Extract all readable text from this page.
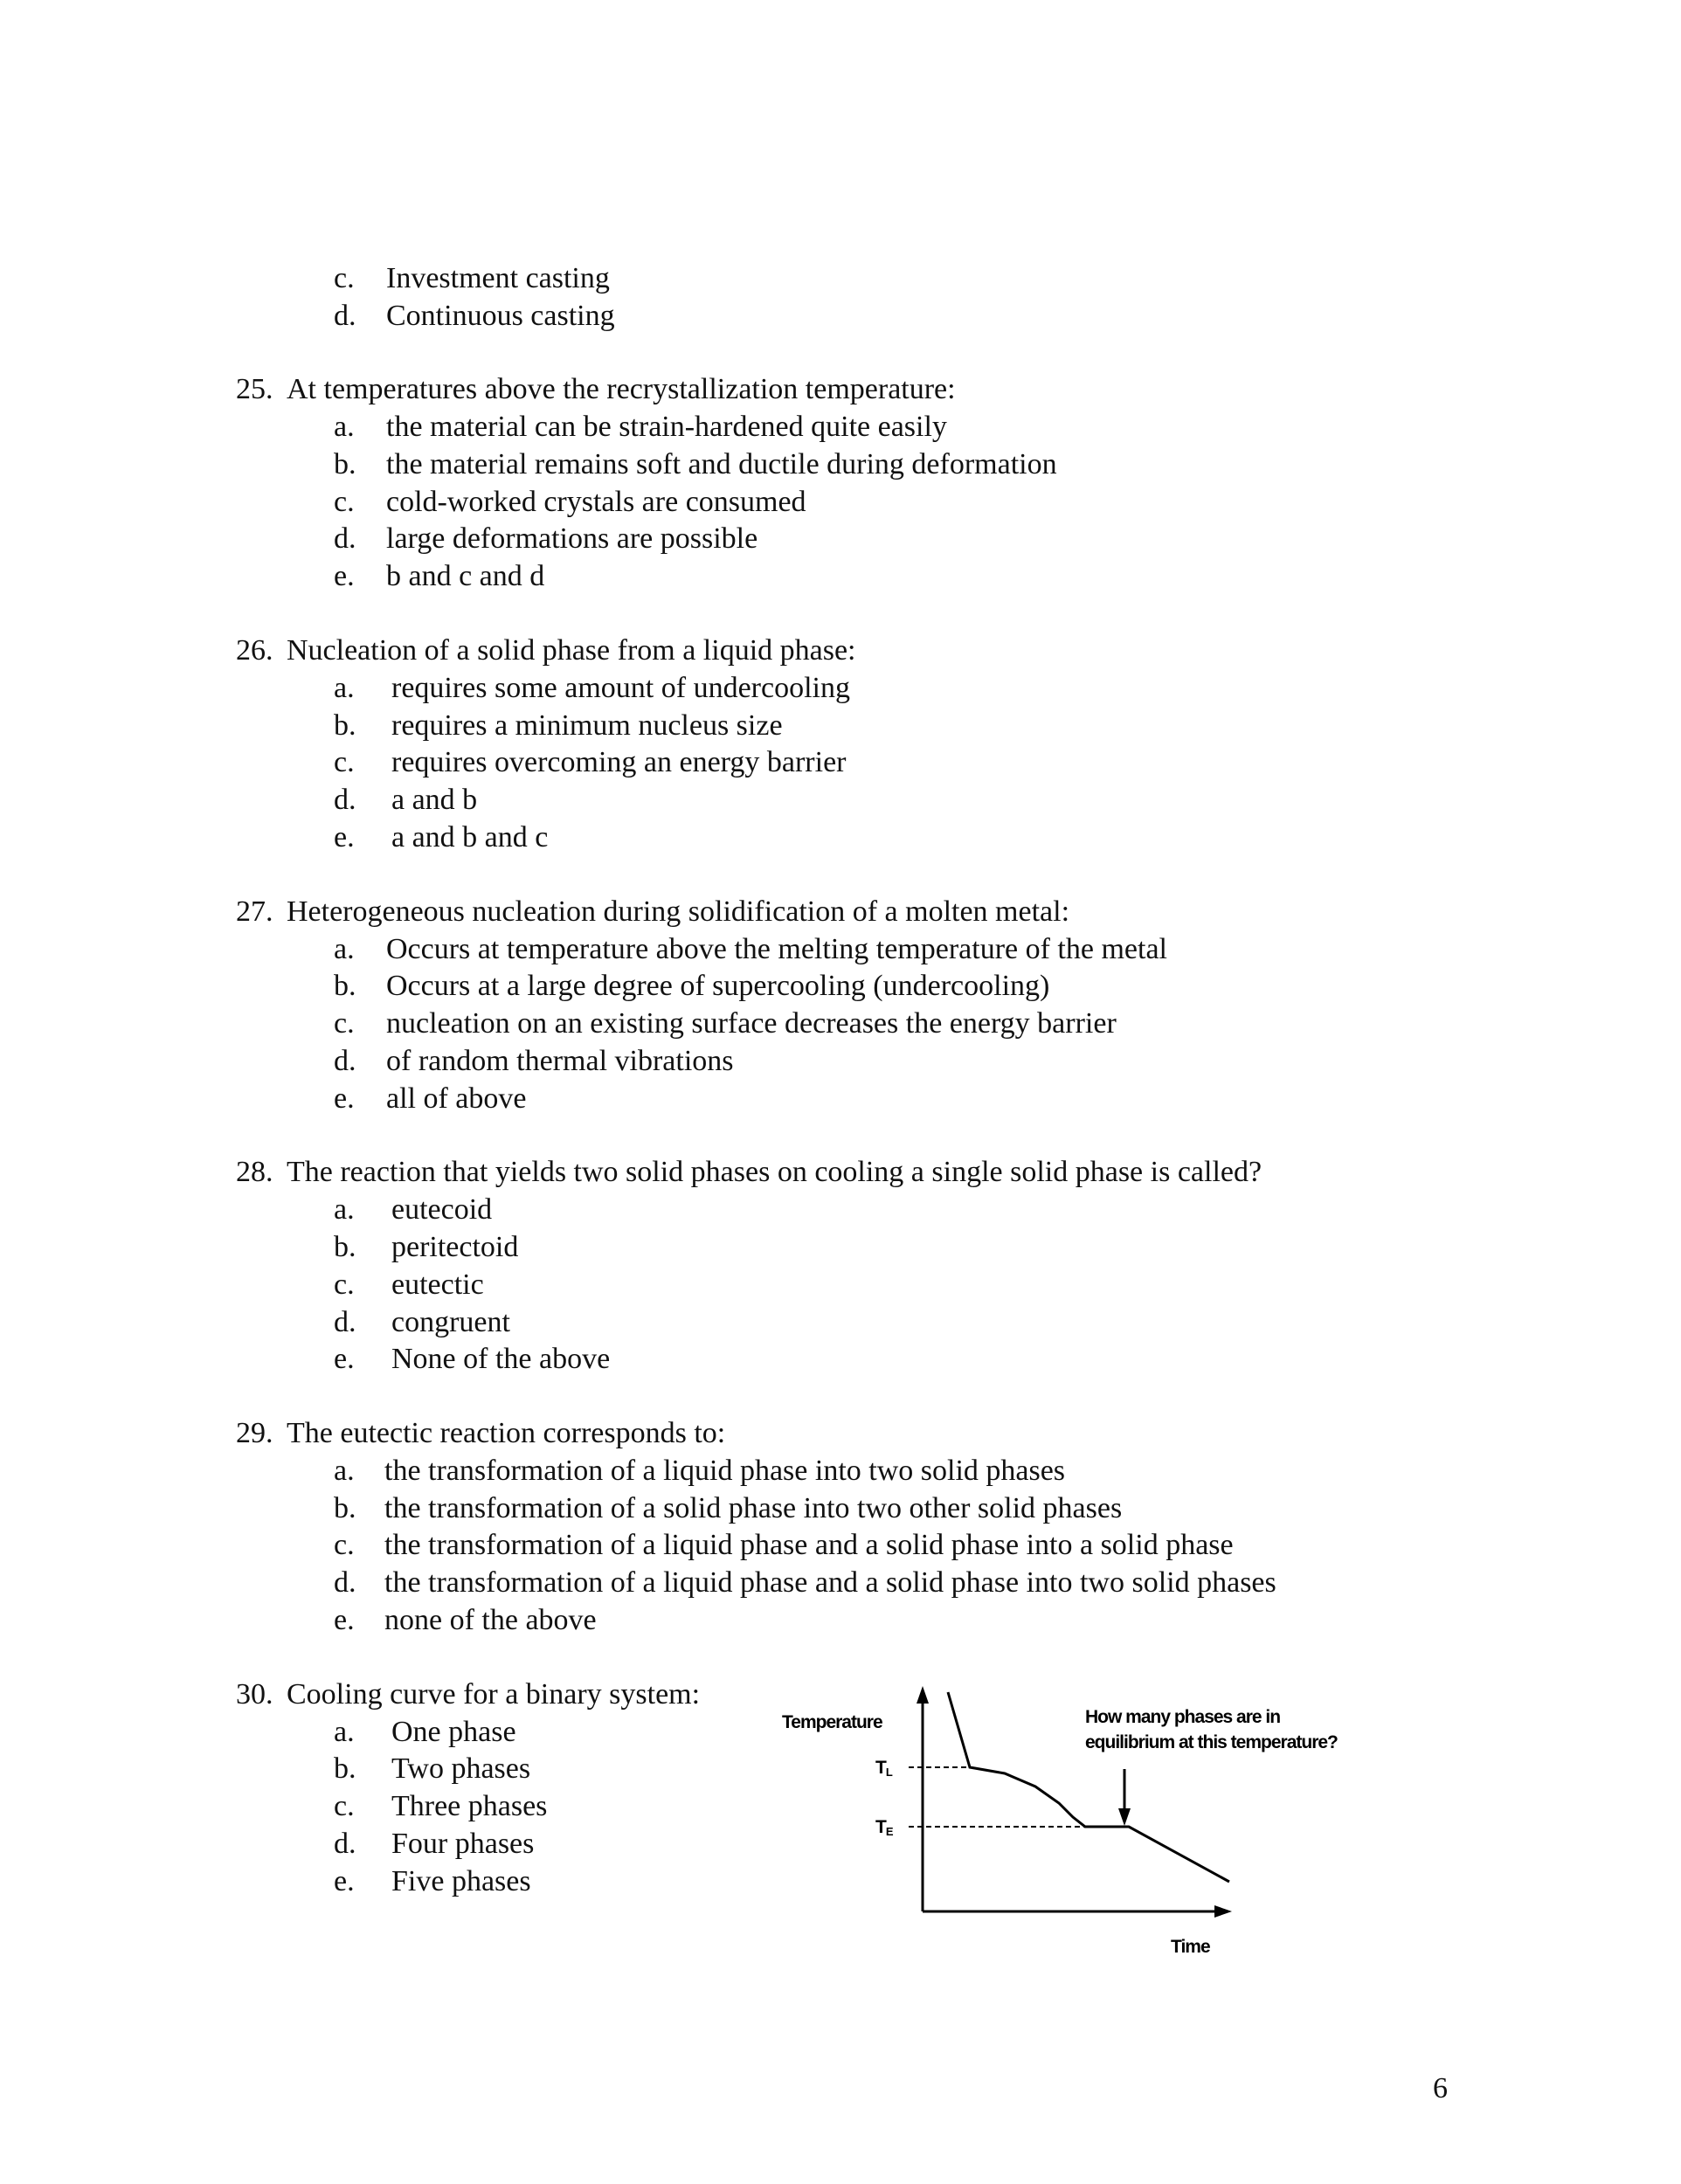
c. Investment casting
d. Continuous casting
25. At temperatures above the recrystallization temperature:
a. the material can be strain-hardened quite easily
b. the material remains soft and ductile during deformation
c. cold-worked crystals are consumed
d. large deformations are possible
e. b and c and d
26. Nucleation of a solid phase from a liquid phase:
a. requires some amount of undercooling
b. requires a minimum nucleus size
c. requires overcoming an energy barrier
d. a and b
e. a and b and c
27. Heterogeneous nucleation during solidification of a molten metal:
a. Occurs at temperature above the melting temperature of the metal
b. Occurs at a large degree of supercooling (undercooling)
c. nucleation on an existing surface decreases the energy barrier
d. of random thermal vibrations
e. all of above
28. The reaction that yields two solid phases on cooling a single solid phase is called?
a. eutecoid
b. peritectoid
c. eutectic
d. congruent
e. None of the above
29. The eutectic reaction corresponds to:
a. the transformation of a liquid phase into two solid phases
b. the transformation of a solid phase into two other solid phases
c. the transformation of a liquid phase and a solid phase into a solid phase
d. the transformation of a liquid phase and a solid phase into two solid phases
e. none of the above
30. Cooling curve for a binary system:
a. One phase
b. Two phases
c. Three phases
d. Four phases
e. Five phases
Temperature
Time
TL
TE
How many phases are in
equilibrium at this temperature?
6
